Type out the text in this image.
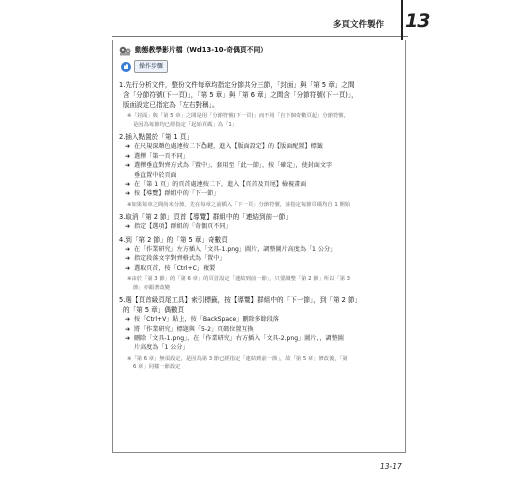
多頁文件製作 13
動態教學影片檔（Wd13-10-奇偶頁不同）
操作步驟
1.先行分析文件，整份文件每章均指定分節共分三節，「封面」與「第 5 章」之間
含「分節符號(下一頁)」，「第 5 章」與「第 6 章」之間含「分節符號(下一頁)」，
版面設定已指定為「左右對稱」。
※「封面」與「第 5 章」之間是用「分節符號(下一頁)」而不用「自下個奇數頁起」分節符號，
是因為每節均已經指定「起始頁碼」為「1」
2.插入點置於「第 1 頁」
➔ 在尺規深顏色處連按二下 鍵，進入【版面設定】的【版面配置】標籤
➔ 選擇「第一頁不同」
➔ 選擇垂直對齊方式為「置中」，套用至「此一節」，按「確定」，使封面文字
垂直置中於頁面
➔ 在「第 1 頁」的頁首處連按二下，進入【頁首及頁尾】檢視畫面
➔ 按【導覽】群組中的「下一節」
※如果每章之間尚未分節，先在每章之前插入「下一頁」分節符號，並指定每節頁碼均自 1 開始
3.取消「第 2 節」頁首【導覽】群組中的「連結到前一節」
➔ 指定【選項】群組的「奇偶頁不同」
4.到「第 2 節」的「第 5 章」奇數頁
➔ 在「作業研究」左方插入「文具-1.png」圖片，調整圖片高度為「1 公分」
➔ 指定段落文字對齊格式為「置中」
➔ 選取頁首，按「Ctrl+C」複製
※由於「第 3 節」的「第 6 章」的頁首設定「連結到前一節」，只要調整「第 2 節」所以「第 3
節」亦跟著改變
5.選【頁首級頁尾工具】索引標籤，按【導覽】群組中的「下一節」，到「第 2 節」
的「第 5 章」偶數頁
➔ 按「Ctrl+V」貼上，按「BackSpace」刪除多餘段落
➔ 將「作業研究」標題與「5-2」頁碼位置互換
➔ 刪除「文具-1.png」，在「作業研究」右方插入「文具-2.png」圖片，，調整圖
片高度為「1 公分」
※「第 6 章」無須設定，是因為第 3 節已經指定「連結到前一節」，故「第 5 章」修改後，「第
6 章」同樣一節設定
13-17
